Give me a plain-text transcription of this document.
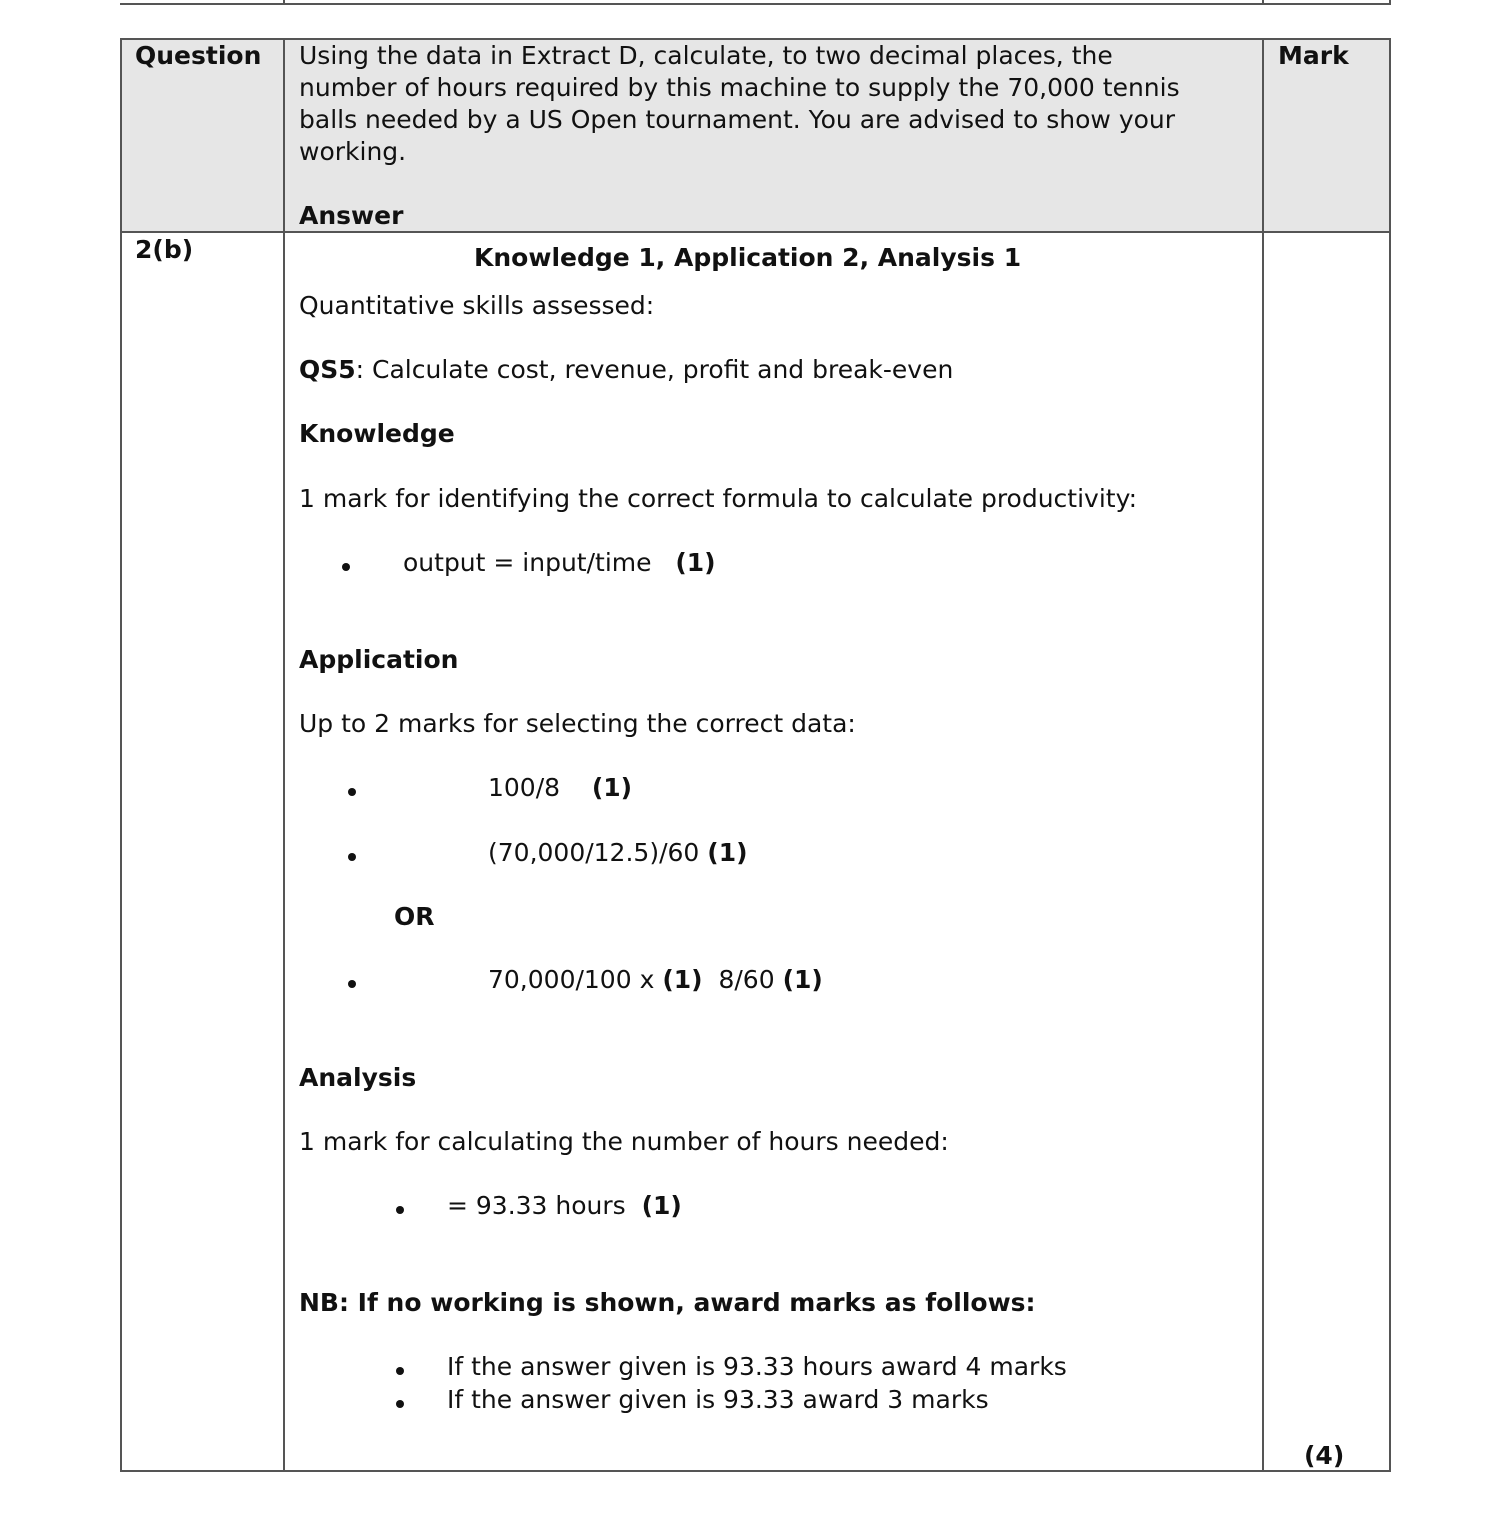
Question Using the data in Extract D, calculate, to two decimal places, the
number of hours required by this machine to supply the 70,000 tennis
balls needed by a US Open tournament. You are advised to show your
working.
Answer
Mark
2(b)	Knowledge 1, Application 2, Analysis 1
Quantitative skills assessed:
QS5: Calculate cost, revenue, profit and break-even
Knowledge
1 mark for identifying the correct formula to calculate productivity:
output = input/time (1)
Application
Up to 2 marks for selecting the correct data:
100/8 (1)
(70,000/12.5)/60 (1)
OR
70,000/100 x (1) 8/60 (1)
Analysis
1 mark for calculating the number of hours needed:
= 93.33 hours (1)
NB: If no working is shown, award marks as follows:
If the answer given is 93.33 hours award 4 marks
If the answer given is 93.33 award 3 marks
(4)
